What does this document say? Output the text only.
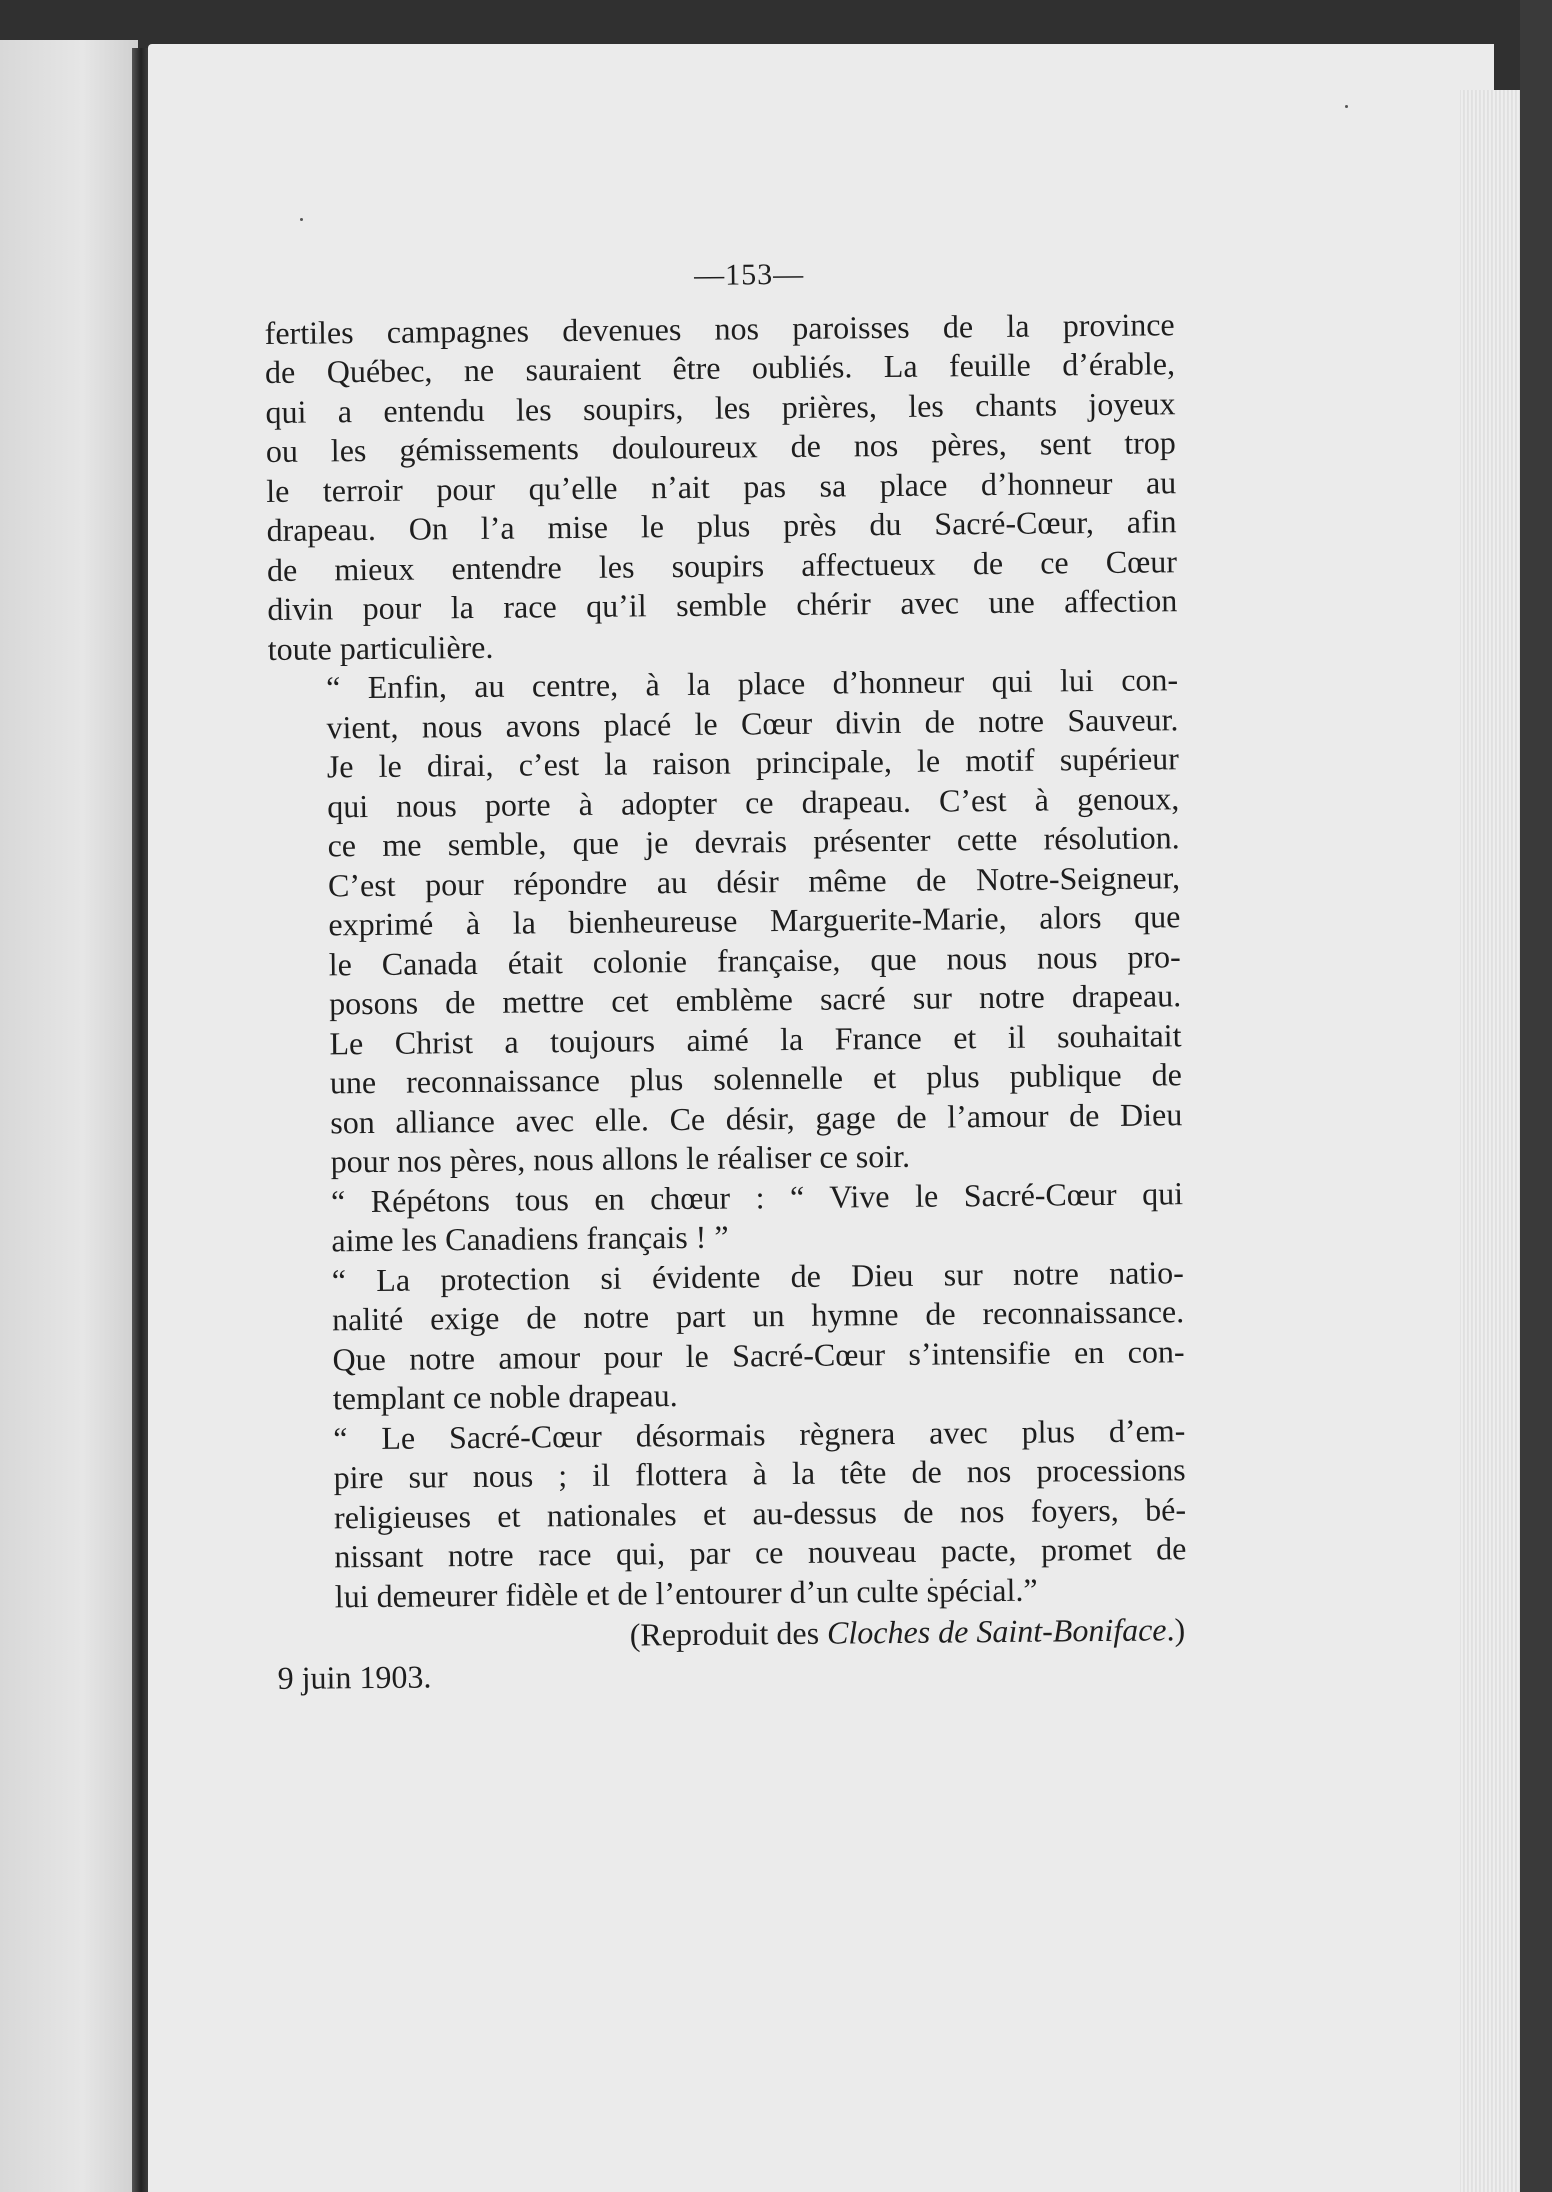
—153—

fertiles campagnes devenues nos paroisses de la province
de Québec, ne sauraient être oubliés. La feuille d’érable,
qui a entendu les soupirs, les prières, les chants joyeux
ou les gémissements douloureux de nos pères, sent trop
le terroir pour qu’elle n’ait pas sa place d’honneur au
drapeau. On l’a mise le plus près du Sacré-Cœur, afin
de mieux entendre les soupirs affectueux de ce Cœur
divin pour la race qu’il semble chérir avec une affection
toute particulière.

“ Enfin, au centre, à la place d’honneur qui lui con-
vient, nous avons placé le Cœur divin de notre Sauveur.
Je le dirai, c’est la raison principale, le motif supérieur
qui nous porte à adopter ce drapeau. C’est à genoux,
ce me semble, que je devrais présenter cette résolution.
C’est pour répondre au désir même de Notre-Seigneur,
exprimé à la bienheureuse Marguerite-Marie, alors que
le Canada était colonie française, que nous nous pro-
posons de mettre cet emblème sacré sur notre drapeau.
Le Christ a toujours aimé la France et il souhaitait
une reconnaissance plus solennelle et plus publique de
son alliance avec elle. Ce désir, gage de l’amour de Dieu
pour nos pères, nous allons le réaliser ce soir.

“ Répétons tous en chœur : “ Vive le Sacré-Cœur qui
aime les Canadiens français ! ”

“ La protection si évidente de Dieu sur notre natio-
nalité exige de notre part un hymne de reconnaissance.
Que notre amour pour le Sacré-Cœur s’intensifie en con-
templant ce noble drapeau.

“ Le Sacré-Cœur désormais règnera avec plus d’em-
pire sur nous ; il flottera à la tête de nos processions
religieuses et nationales et au-dessus de nos foyers, bé-
nissant notre race qui, par ce nouveau pacte, promet de
lui demeurer fidèle et de l’entourer d’un culte spécial.”

(Reproduit des Cloches de Saint-Boniface.)

9 juin 1903.
